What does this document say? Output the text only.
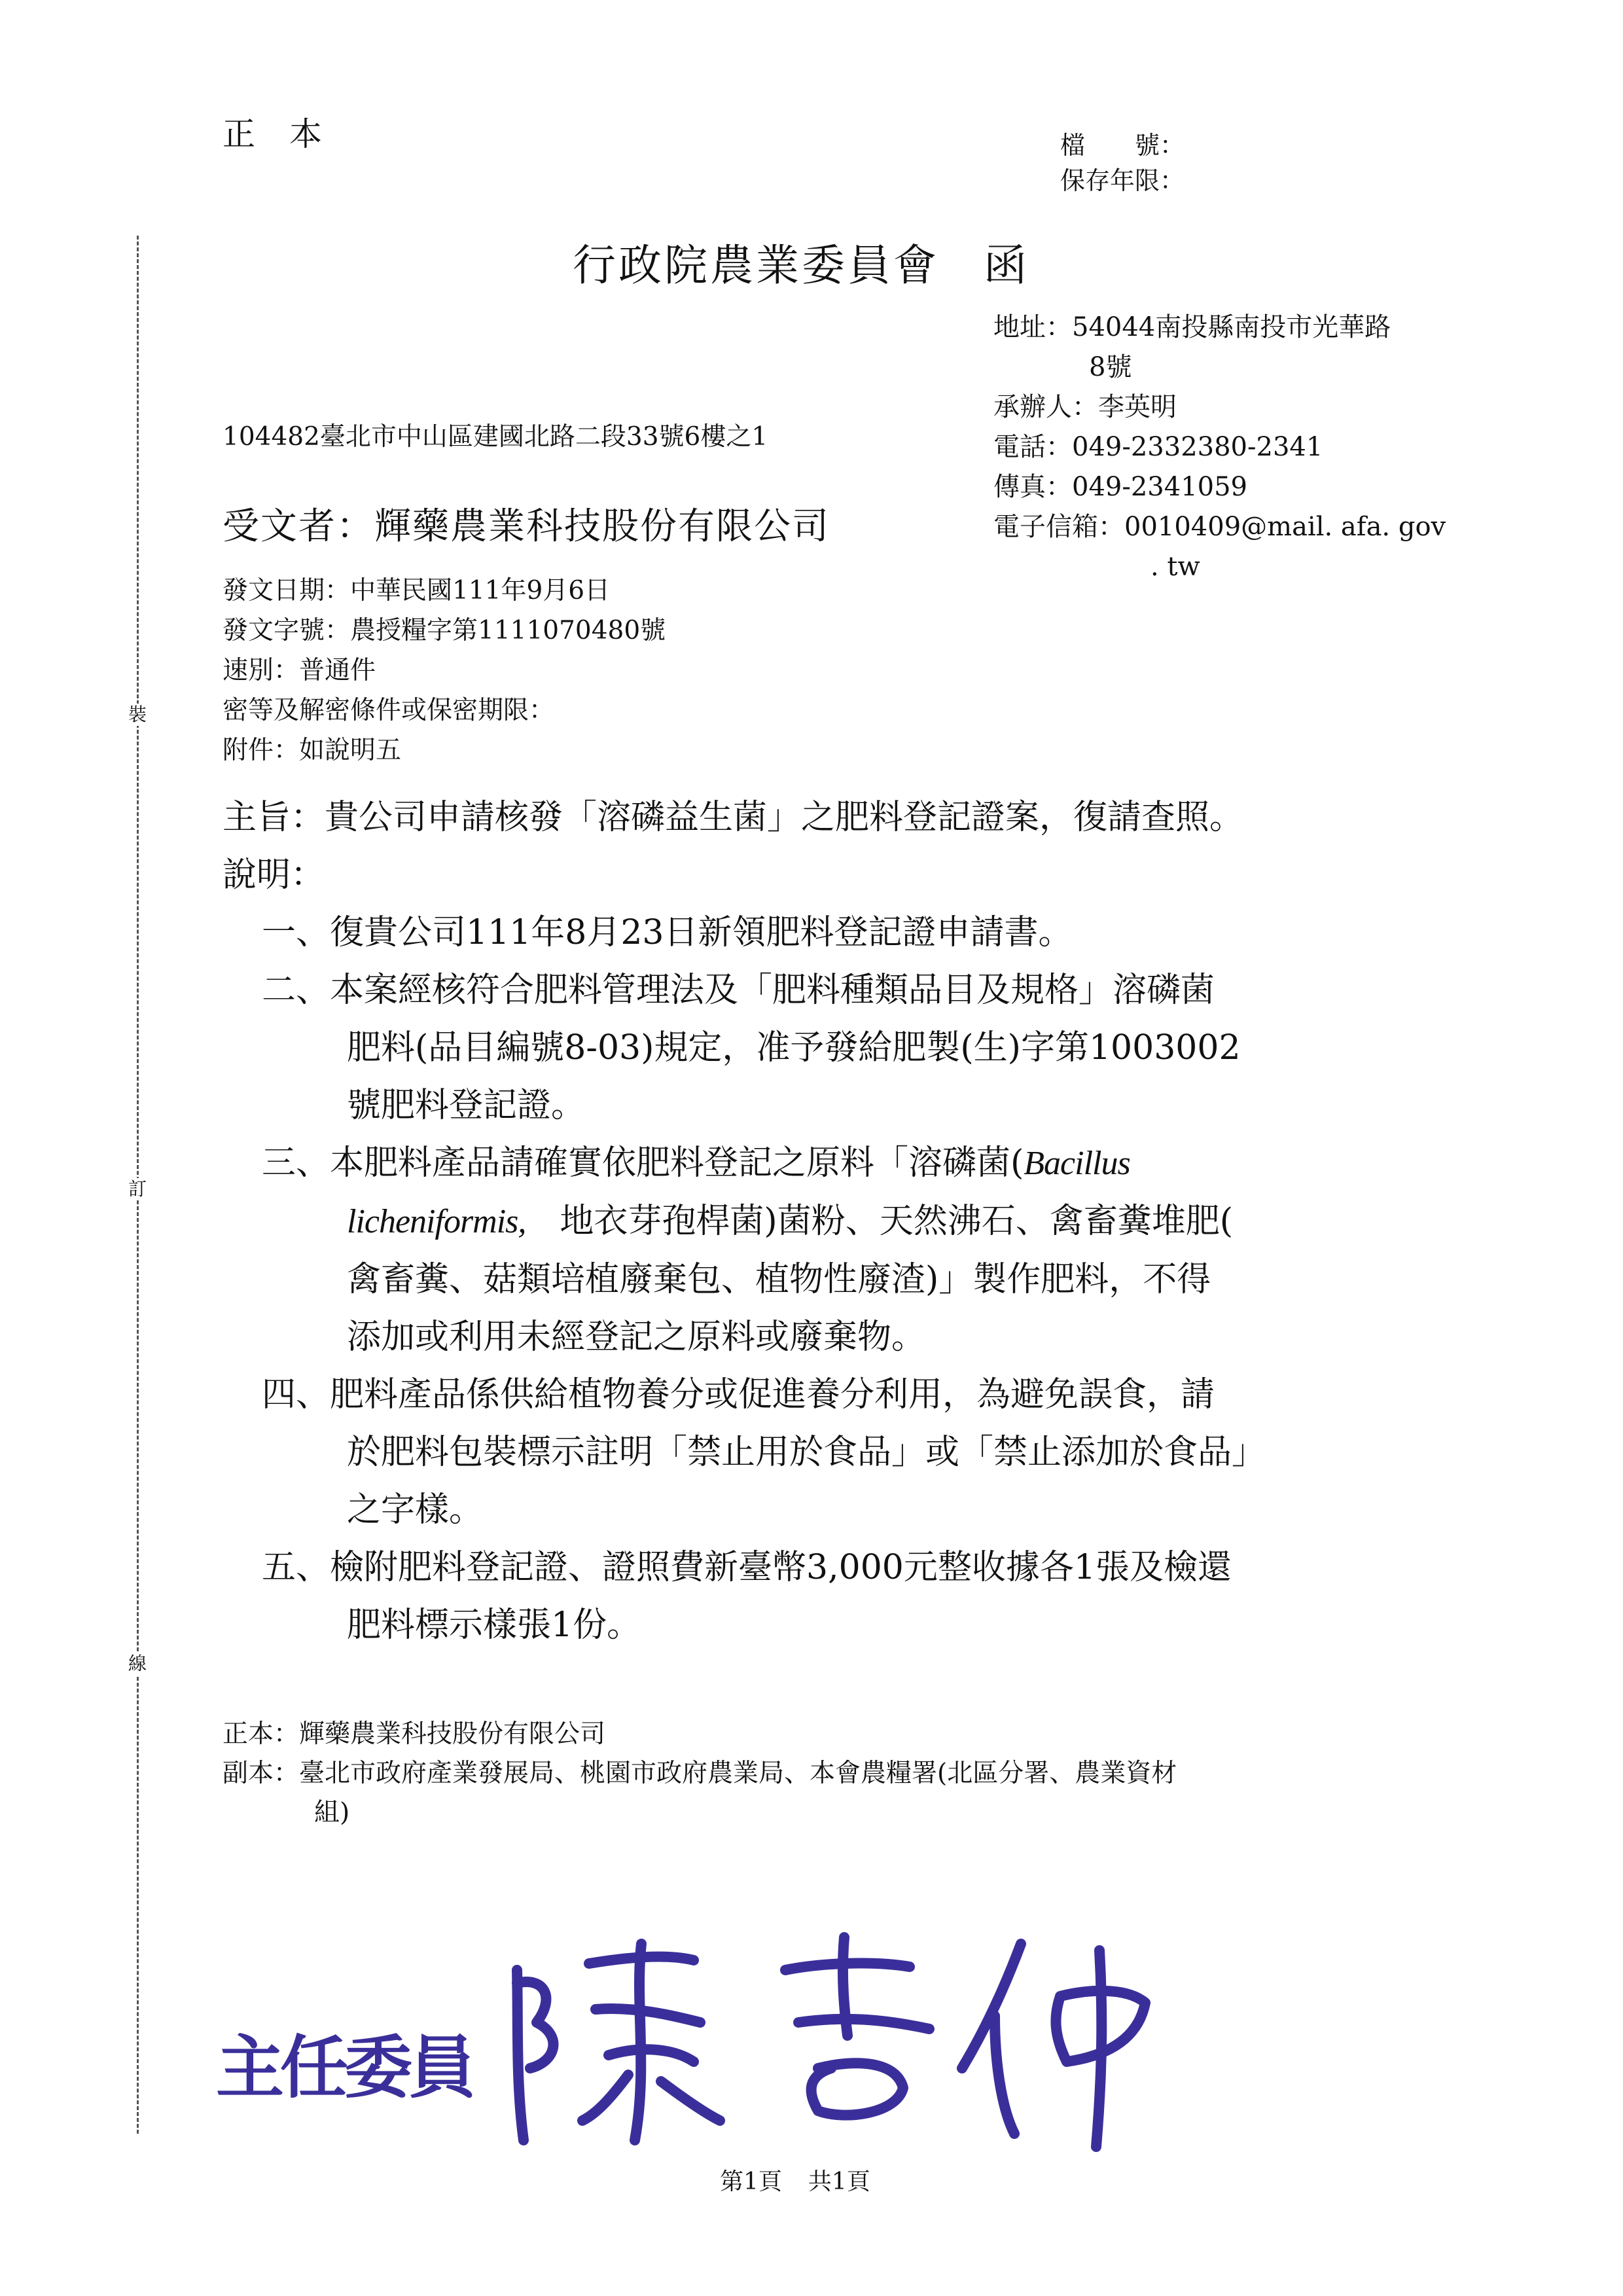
裝
訂
線
正本	檔　　號：
保存年限：
行政院農業委員會 函
地址：54044南投縣南投市光華路
8號
承辦人：李英明
電話：049-2332380-2341
傳真：049-2341059
電子信箱：0010409@mail. afa. gov
. tw
104482臺北市中山區建國北路二段33號6樓之1
受文者：輝藥農業科技股份有限公司
發文日期：中華民國111年9月6日
發文字號：農授糧字第1111070480號
速別：普通件
密等及解密條件或保密期限：
附件：如說明五
主旨：貴公司申請核發「溶磷益生菌」之肥料登記證案，復請查照。
說明：
一、復貴公司111年8月23日新領肥料登記證申請書。
二、本案經核符合肥料管理法及「肥料種類品目及規格」溶磷菌
肥料(品目編號8-03)規定，准予發給肥製(生)字第1003002
號肥料登記證。
三、本肥料產品請確實依肥料登記之原料「溶磷菌(Bacillus
licheniformis,　地衣芽孢桿菌)菌粉、天然沸石、禽畜糞堆肥(
禽畜糞、菇類培植廢棄包、植物性廢渣)」製作肥料，不得
添加或利用未經登記之原料或廢棄物。
四、肥料產品係供給植物養分或促進養分利用，為避免誤食，請
於肥料包裝標示註明「禁止用於食品」或「禁止添加於食品」
之字樣。
五、檢附肥料登記證、證照費新臺幣3,000元整收據各1張及檢還
肥料標示樣張1份。
正本：輝藥農業科技股份有限公司
副本：臺北市政府產業發展局、桃園市政府農業局、本會農糧署(北區分署、農業資材
組)
主任委員
第1頁 共1頁
